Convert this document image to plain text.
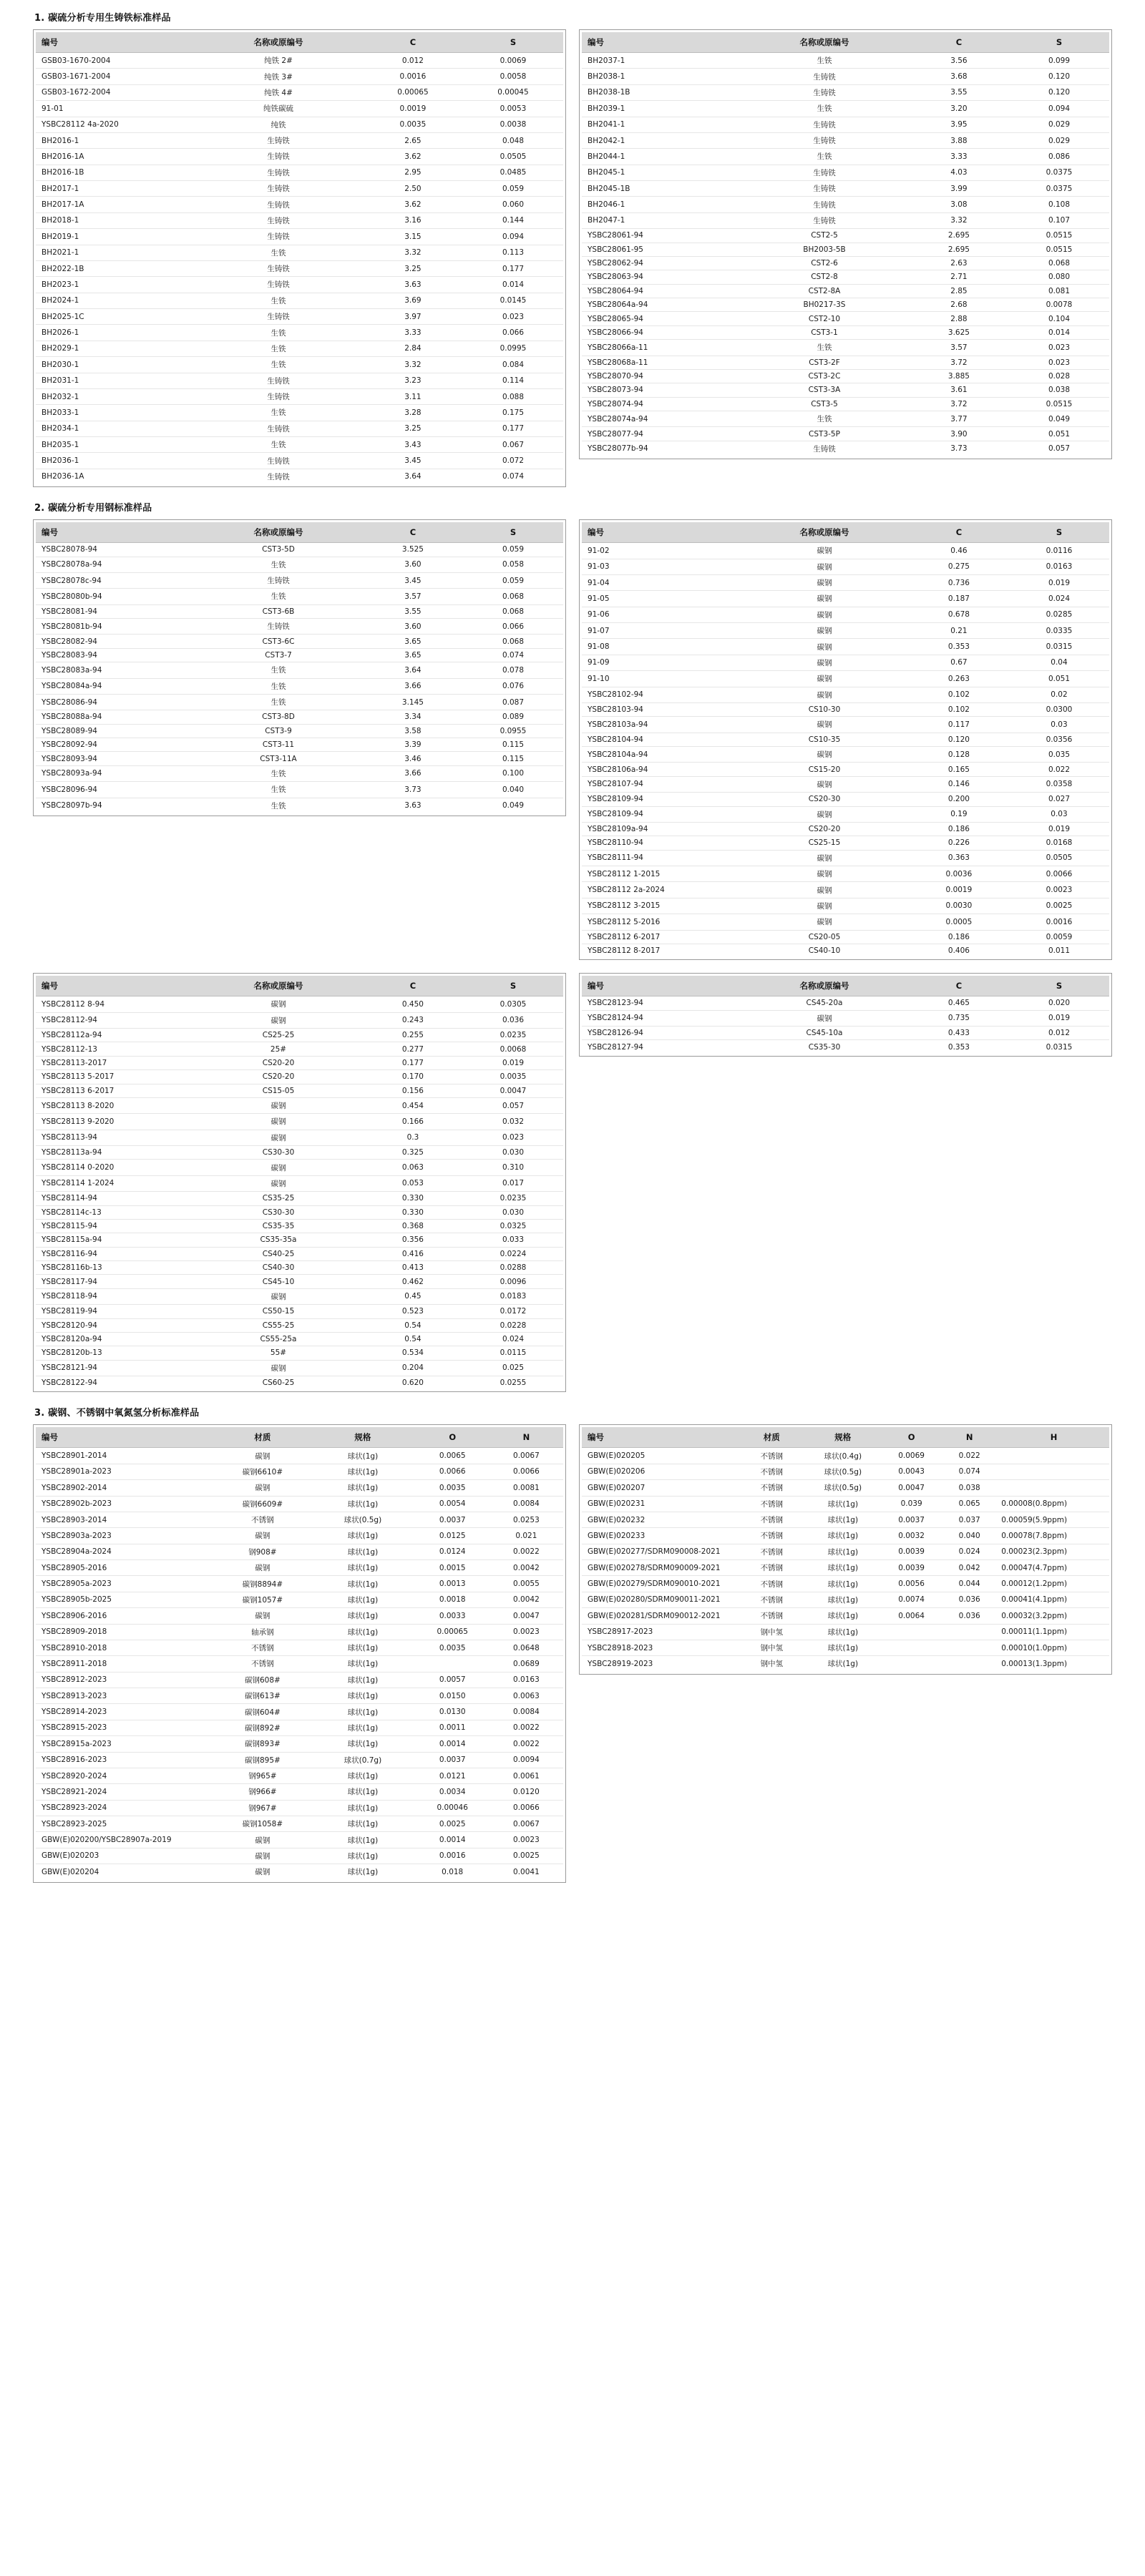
1. 碳硫分析专用生铸铁标准样品
编号	名称或原编号	C	S
GSB03-1670-2004	纯铁 2#	0.012	0.0069
GSB03-1671-2004	纯铁 3#	0.0016	0.0058
GSB03-1672-2004	纯铁 4#	0.00065	0.00045
91-01	纯铁碳硫	0.0019	0.0053
YSBC28112 4a-2020	纯铁	0.0035	0.0038
BH2016-1	生铸铁	2.65	0.048
BH2016-1A	生铸铁	3.62	0.0505
BH2016-1B	生铸铁	2.95	0.0485
BH2017-1	生铸铁	2.50	0.059
BH2017-1A	生铸铁	3.62	0.060
BH2018-1	生铸铁	3.16	0.144
BH2019-1	生铸铁	3.15	0.094
BH2021-1	生铁	3.32	0.113
BH2022-1B	生铸铁	3.25	0.177
BH2023-1	生铸铁	3.63	0.014
BH2024-1	生铁	3.69	0.0145
BH2025-1C	生铸铁	3.97	0.023
BH2026-1	生铁	3.33	0.066
BH2029-1	生铁	2.84	0.0995
BH2030-1	生铁	3.32	0.084
BH2031-1	生铸铁	3.23	0.114
BH2032-1	生铸铁	3.11	0.088
BH2033-1	生铁	3.28	0.175
BH2034-1	生铸铁	3.25	0.177
BH2035-1	生铁	3.43	0.067
BH2036-1	生铸铁	3.45	0.072
BH2036-1A	生铸铁	3.64	0.074
编号	名称或原编号	C	S
BH2037-1	生铁	3.56	0.099
BH2038-1	生铸铁	3.68	0.120
BH2038-1B	生铸铁	3.55	0.120
BH2039-1	生铁	3.20	0.094
BH2041-1	生铸铁	3.95	0.029
BH2042-1	生铸铁	3.88	0.029
BH2044-1	生铁	3.33	0.086
BH2045-1	生铸铁	4.03	0.0375
BH2045-1B	生铸铁	3.99	0.0375
BH2046-1	生铸铁	3.08	0.108
BH2047-1	生铸铁	3.32	0.107
YSBC28061-94	CST2-5	2.695	0.0515
YSBC28061-95	BH2003-5B	2.695	0.0515
YSBC28062-94	CST2-6	2.63	0.068
YSBC28063-94	CST2-8	2.71	0.080
YSBC28064-94	CST2-8A	2.85	0.081
YSBC28064a-94	BH0217-3S	2.68	0.0078
YSBC28065-94	CST2-10	2.88	0.104
YSBC28066-94	CST3-1	3.625	0.014
YSBC28066a-11	生铁	3.57	0.023
YSBC28068a-11	CST3-2F	3.72	0.023
YSBC28070-94	CST3-2C	3.885	0.028
YSBC28073-94	CST3-3A	3.61	0.038
YSBC28074-94	CST3-5	3.72	0.0515
YSBC28074a-94	生铁	3.77	0.049
YSBC28077-94	CST3-5P	3.90	0.051
YSBC28077b-94	生铸铁	3.73	0.057
2. 碳硫分析专用钢标准样品
编号	名称或原编号	C	S
YSBC28078-94	CST3-5D	3.525	0.059
YSBC28078a-94	生铁	3.60	0.058
YSBC28078c-94	生铸铁	3.45	0.059
YSBC28080b-94	生铁	3.57	0.068
YSBC28081-94	CST3-6B	3.55	0.068
YSBC28081b-94	生铸铁	3.60	0.066
YSBC28082-94	CST3-6C	3.65	0.068
YSBC28083-94	CST3-7	3.65	0.074
YSBC28083a-94	生铁	3.64	0.078
YSBC28084a-94	生铁	3.66	0.076
YSBC28086-94	生铁	3.145	0.087
YSBC28088a-94	CST3-8D	3.34	0.089
YSBC28089-94	CST3-9	3.58	0.0955
YSBC28092-94	CST3-11	3.39	0.115
YSBC28093-94	CST3-11A	3.46	0.115
YSBC28093a-94	生铁	3.66	0.100
YSBC28096-94	生铁	3.73	0.040
YSBC28097b-94	生铁	3.63	0.049
编号	名称或原编号	C	S
91-02	碳钢	0.46	0.0116
91-03	碳钢	0.275	0.0163
91-04	碳钢	0.736	0.019
91-05	碳钢	0.187	0.024
91-06	碳钢	0.678	0.0285
91-07	碳钢	0.21	0.0335
91-08	碳钢	0.353	0.0315
91-09	碳钢	0.67	0.04
91-10	碳钢	0.263	0.051
YSBC28102-94	碳钢	0.102	0.02
YSBC28103-94	CS10-30	0.102	0.0300
YSBC28103a-94	碳钢	0.117	0.03
YSBC28104-94	CS10-35	0.120	0.0356
YSBC28104a-94	碳钢	0.128	0.035
YSBC28106a-94	CS15-20	0.165	0.022
YSBC28107-94	碳钢	0.146	0.0358
YSBC28109-94	CS20-30	0.200	0.027
YSBC28109-94	碳钢	0.19	0.03
YSBC28109a-94	CS20-20	0.186	0.019
YSBC28110-94	CS25-15	0.226	0.0168
YSBC28111-94	碳钢	0.363	0.0505
YSBC28112 1-2015	碳钢	0.0036	0.0066
YSBC28112 2a-2024	碳钢	0.0019	0.0023
YSBC28112 3-2015	碳钢	0.0030	0.0025
YSBC28112 5-2016	碳钢	0.0005	0.0016
YSBC28112 6-2017	CS20-05	0.186	0.0059
YSBC28112 8-2017	CS40-10	0.406	0.011
编号	名称或原编号	C	S
YSBC28112 8-94	碳钢	0.450	0.0305
YSBC28112-94	碳钢	0.243	0.036
YSBC28112a-94	CS25-25	0.255	0.0235
YSBC28112-13	25#	0.277	0.0068
YSBC28113-2017	CS20-20	0.177	0.019
YSBC28113 5-2017	CS20-20	0.170	0.0035
YSBC28113 6-2017	CS15-05	0.156	0.0047
YSBC28113 8-2020	碳钢	0.454	0.057
YSBC28113 9-2020	碳钢	0.166	0.032
YSBC28113-94	碳钢	0.3	0.023
YSBC28113a-94	CS30-30	0.325	0.030
YSBC28114 0-2020	碳钢	0.063	0.310
YSBC28114 1-2024	碳钢	0.053	0.017
YSBC28114-94	CS35-25	0.330	0.0235
YSBC28114c-13	CS30-30	0.330	0.030
YSBC28115-94	CS35-35	0.368	0.0325
YSBC28115a-94	CS35-35a	0.356	0.033
YSBC28116-94	CS40-25	0.416	0.0224
YSBC28116b-13	CS40-30	0.413	0.0288
YSBC28117-94	CS45-10	0.462	0.0096
YSBC28118-94	碳钢	0.45	0.0183
YSBC28119-94	CS50-15	0.523	0.0172
YSBC28120-94	CS55-25	0.54	0.0228
YSBC28120a-94	CS55-25a	0.54	0.024
YSBC28120b-13	55#	0.534	0.0115
YSBC28121-94	碳钢	0.204	0.025
YSBC28122-94	CS60-25	0.620	0.0255
编号	名称或原编号	C	S
YSBC28123-94	CS45-20a	0.465	0.020
YSBC28124-94	碳钢	0.735	0.019
YSBC28126-94	CS45-10a	0.433	0.012
YSBC28127-94	CS35-30	0.353	0.0315
3. 碳钢、不锈钢中氧氮氢分析标准样品
编号	材质	规格	O	N
YSBC28901-2014	碳钢	球状(1g)	0.0065	0.0067
YSBC28901a-2023	碳钢6610#	球状(1g)	0.0066	0.0066
YSBC28902-2014	碳钢	球状(1g)	0.0035	0.0081
YSBC28902b-2023	碳钢6609#	球状(1g)	0.0054	0.0084
YSBC28903-2014	不锈钢	球状(0.5g)	0.0037	0.0253
YSBC28903a-2023	碳钢	球状(1g)	0.0125	0.021
YSBC28904a-2024	钢908#	球状(1g)	0.0124	0.0022
YSBC28905-2016	碳钢	球状(1g)	0.0015	0.0042
YSBC28905a-2023	碳钢8894#	球状(1g)	0.0013	0.0055
YSBC28905b-2025	碳钢1057#	球状(1g)	0.0018	0.0042
YSBC28906-2016	碳钢	球状(1g)	0.0033	0.0047
YSBC28909-2018	轴承钢	球状(1g)	0.00065	0.0023
YSBC28910-2018	不锈钢	球状(1g)	0.0035	0.0648
YSBC28911-2018	不锈钢	球状(1g)		0.0689
YSBC28912-2023	碳钢608#	球状(1g)	0.0057	0.0163
YSBC28913-2023	碳钢613#	球状(1g)	0.0150	0.0063
YSBC28914-2023	碳钢604#	球状(1g)	0.0130	0.0084
YSBC28915-2023	碳钢892#	球状(1g)	0.0011	0.0022
YSBC28915a-2023	碳钢893#	球状(1g)	0.0014	0.0022
YSBC28916-2023	碳钢895#	球状(0.7g)	0.0037	0.0094
YSBC28920-2024	钢965#	球状(1g)	0.0121	0.0061
YSBC28921-2024	钢966#	球状(1g)	0.0034	0.0120
YSBC28923-2024	钢967#	球状(1g)	0.00046	0.0066
YSBC28923-2025	碳钢1058#	球状(1g)	0.0025	0.0067
GBW(E)020200/YSBC28907a-2019	碳钢	球状(1g)	0.0014	0.0023
GBW(E)020203	碳钢	球状(1g)	0.0016	0.0025
GBW(E)020204	碳钢	球状(1g)	0.018	0.0041
编号	材质	规格	O	N	H
GBW(E)020205	不锈钢	球状(0.4g)	0.0069	0.022	
GBW(E)020206	不锈钢	球状(0.5g)	0.0043	0.074	
GBW(E)020207	不锈钢	球状(0.5g)	0.0047	0.038	
GBW(E)020231	不锈钢	球状(1g)	0.039	0.065	0.00008(0.8ppm)
GBW(E)020232	不锈钢	球状(1g)	0.0037	0.037	0.00059(5.9ppm)
GBW(E)020233	不锈钢	球状(1g)	0.0032	0.040	0.00078(7.8ppm)
GBW(E)020277/SDRM090008-2021	不锈钢	球状(1g)	0.0039	0.024	0.00023(2.3ppm)
GBW(E)020278/SDRM090009-2021	不锈钢	球状(1g)	0.0039	0.042	0.00047(4.7ppm)
GBW(E)020279/SDRM090010-2021	不锈钢	球状(1g)	0.0056	0.044	0.00012(1.2ppm)
GBW(E)020280/SDRM090011-2021	不锈钢	球状(1g)	0.0074	0.036	0.00041(4.1ppm)
GBW(E)020281/SDRM090012-2021	不锈钢	球状(1g)	0.0064	0.036	0.00032(3.2ppm)
YSBC28917-2023	钢中氢	球状(1g)			0.00011(1.1ppm)
YSBC28918-2023	钢中氢	球状(1g)			0.00010(1.0ppm)
YSBC28919-2023	钢中氢	球状(1g)			0.00013(1.3ppm)
